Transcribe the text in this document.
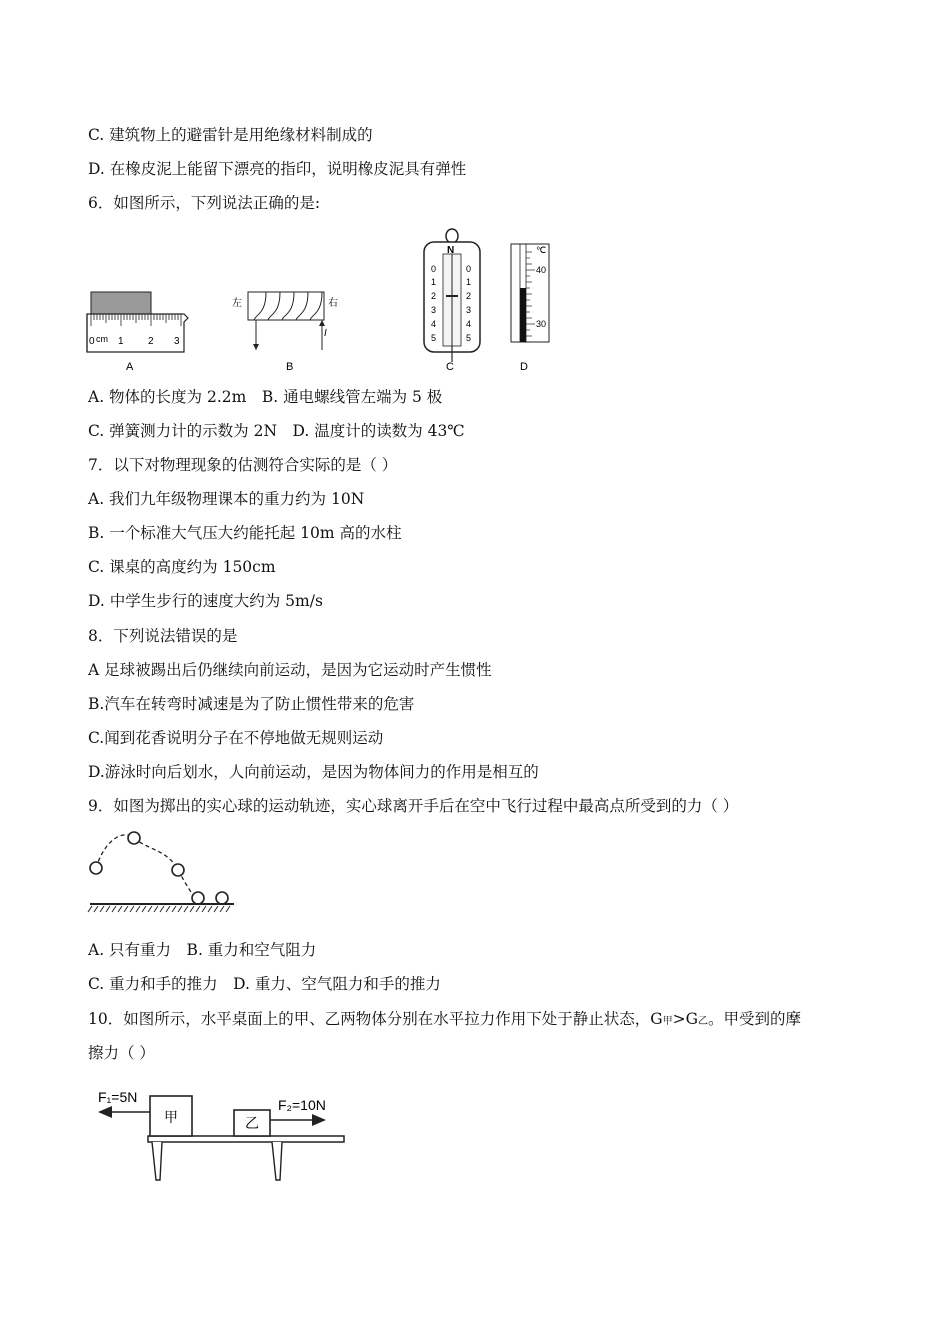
C. 建筑物上的避雷针是用绝缘材料制成的
D. 在橡皮泥上能留下漂亮的指印，说明橡皮泥具有弹性
6．如图所示，下列说法正确的是:
0 cm 1 2 3
A
左	右
I
B
N
0
1
2
3
4
5
0
1
2
3
4
5
C
℃
40
30
D
A. 物体的长度为 2.2m　B. 通电螺线管左端为 5 极
C. 弹簧测力计的示数为 2N　D. 温度计的读数为 43℃
7．以下对物理现象的估测符合实际的是（ ）
A. 我们九年级物理课本的重力约为 10N
B. 一个标准大气压大约能托起 10m 高的水柱
C. 课桌的高度约为 150cm
D. 中学生步行的速度大约为 5m/s
8．下列说法错误的是
A 足球被踢出后仍继续向前运动，是因为它运动时产生惯性
B.汽车在转弯时减速是为了防止惯性带来的危害
C.闻到花香说明分子在不停地做无规则运动
D.游泳时向后划水，人向前运动，是因为物体间力的作用是相互的
9．如图为掷出的实心球的运动轨迹，实心球离开手后在空中飞行过程中最高点所受到的力（ ）
A. 只有重力　B. 重力和空气阻力
C. 重力和手的推力　D. 重力、空气阻力和手的推力
10．如图所示，水平桌面上的甲、乙两物体分别在水平拉力作用下处于静止状态，G甲>G乙。甲受到的摩
擦力（ ）
F₁=5N	F₂=10N
甲	乙
